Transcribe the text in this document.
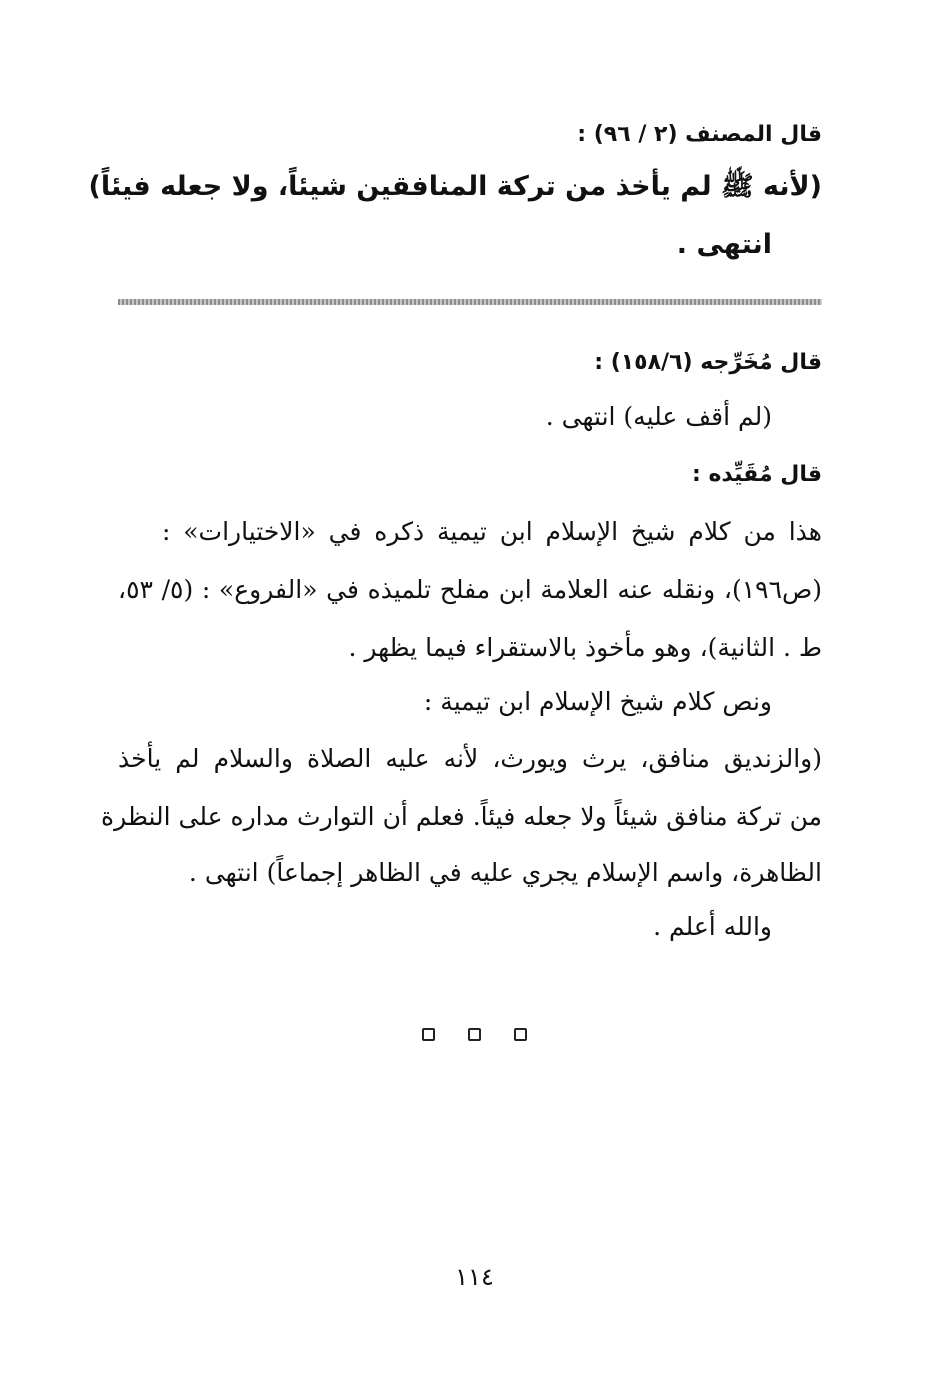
قال المصنف (٢ / ٩٦) :
(لأنه ﷺ لم يأخذ من تركة المنافقين شيئاً، ولا جعله فيئاً)
انتهى .
قال مُخَرِّجه (١٥٨/٦) :
(لم أقف عليه) انتهى .
قال مُقَيِّده :
هذا من كلام شيخ الإسلام ابن تيمية ذكره في «الاختيارات» :
(ص١٩٦)، ونقله عنه العلامة ابن مفلح تلميذه في «الفروع» : (٥/ ٥٣،
ط . الثانية)، وهو مأخوذ بالاستقراء فيما يظهر .
ونص كلام شيخ الإسلام ابن تيمية :
(والزنديق منافق، يرث ويورث، لأنه عليه الصلاة والسلام لم يأخذ
من تركة منافق شيئاً ولا جعله فيئاً. فعلم أن التوارث مداره على النظرة
الظاهرة، واسم الإسلام يجري عليه في الظاهر إجماعاً) انتهى .
والله أعلم .
١١٤
